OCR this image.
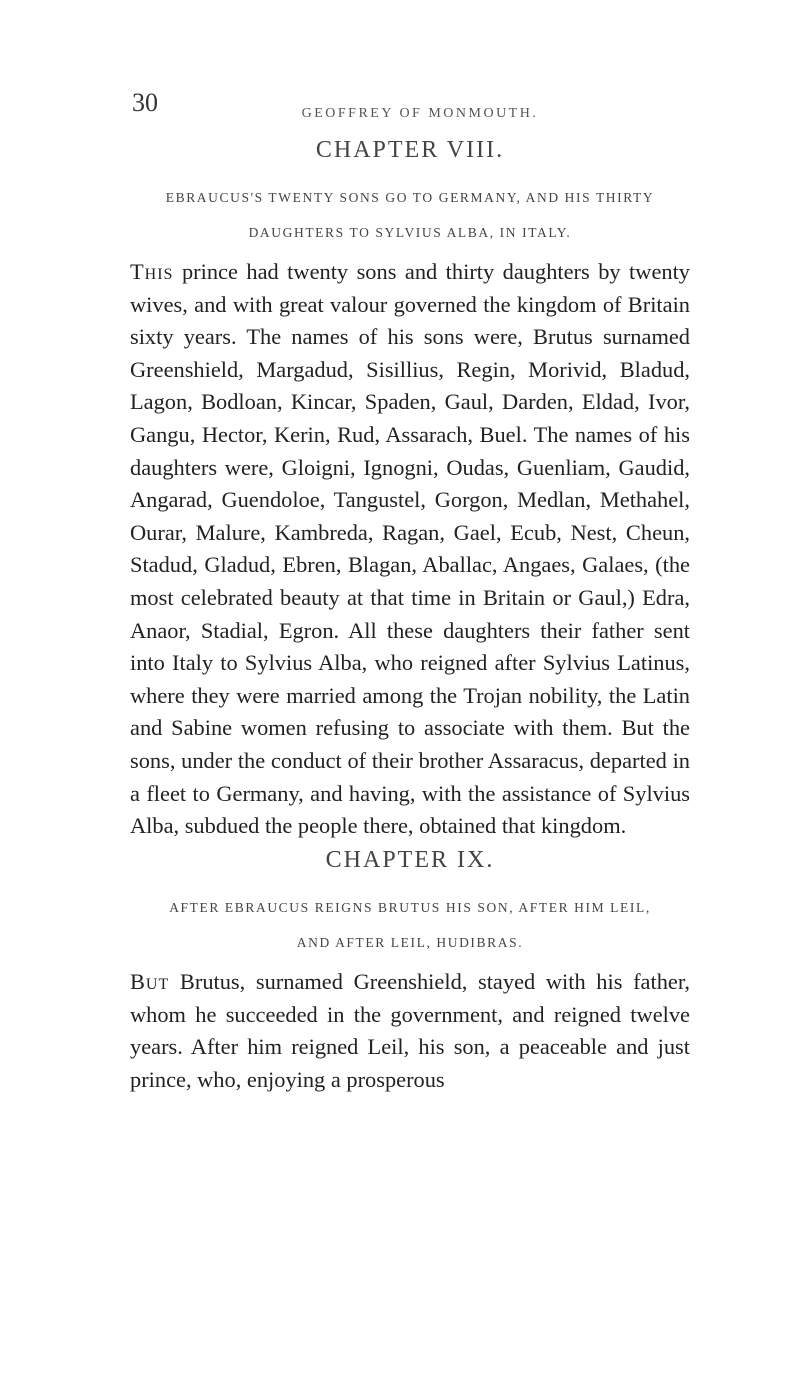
30	GEOFFREY OF MONMOUTH.
CHAPTER VIII.
EBRAUCUS'S TWENTY SONS GO TO GERMANY, AND HIS THIRTY
DAUGHTERS TO SYLVIUS ALBA, IN ITALY.

This prince had twenty sons and thirty daughters by twenty wives, and with great valour governed the kingdom of Britain sixty years. The names of his sons were, Brutus surnamed Greenshield, Margadud, Sisillius, Regin, Morivid, Bladud, Lagon, Bodloan, Kincar, Spaden, Gaul, Darden, Eldad, Ivor, Gangu, Hector, Kerin, Rud, Assarach, Buel. The names of his daughters were, Gloigni, Ignogni, Oudas, Guenliam, Gaudid, Angarad, Guendoloe, Tangustel, Gorgon, Medlan, Methahel, Ourar, Malure, Kambreda, Ragan, Gael, Ecub, Nest, Cheun, Stadud, Gladud, Ebren, Blagan, Aballac, Angaes, Galaes, (the most celebrated beauty at that time in Britain or Gaul,) Edra, Anaor, Stadial, Egron. All these daughters their father sent into Italy to Sylvius Alba, who reigned after Sylvius Latinus, where they were married among the Trojan nobility, the Latin and Sabine women refusing to associate with them. But the sons, under the conduct of their brother Assaracus, departed in a fleet to Germany, and having, with the assistance of Sylvius Alba, subdued the people there, obtained that kingdom.

CHAPTER IX.
AFTER EBRAUCUS REIGNS BRUTUS HIS SON, AFTER HIM LEIL,
AND AFTER LEIL, HUDIBRAS.

But Brutus, surnamed Greenshield, stayed with his father, whom he succeeded in the government, and reigned twelve years. After him reigned Leil, his son, a peaceable and just prince, who, enjoying a prosperous
